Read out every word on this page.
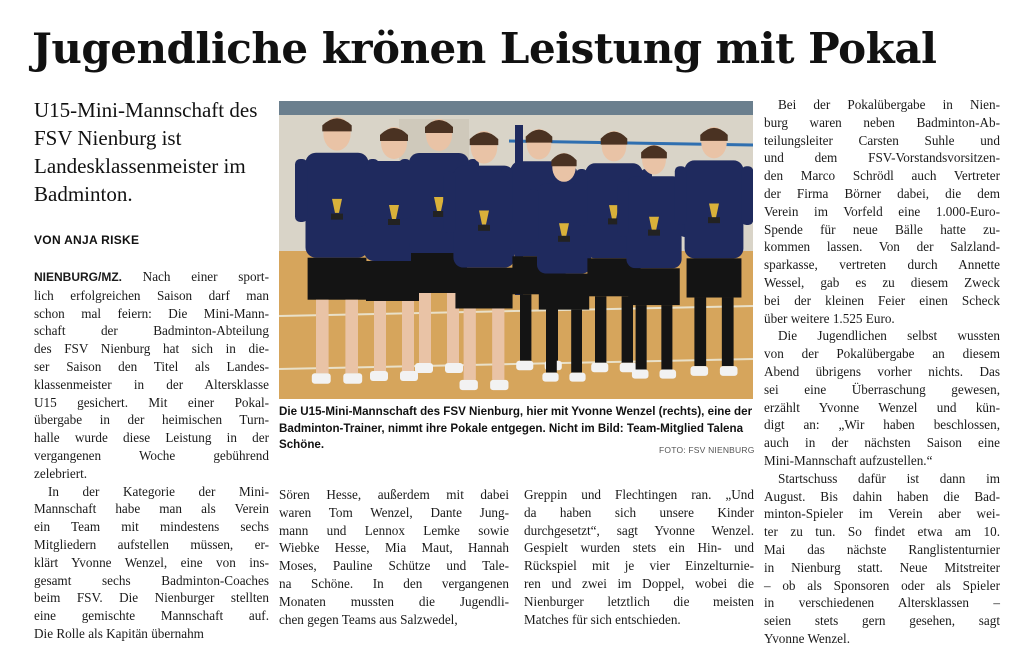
Jugendliche krönen Leistung mit Pokal

U15-Mini-Mannschaft des FSV Nienburg ist Landesklassenmeister im Badminton.

VON ANJA RISKE

NIENBURG/MZ. Nach einer sport-
lich erfolgreichen Saison darf man
schon mal feiern: Die Mini-Mann-
schaft der Badminton-Abteilung
des FSV Nienburg hat sich in die-
ser Saison den Titel als Landes-
klassenmeister in der Altersklasse
U15 gesichert. Mit einer Pokal-
übergabe in der heimischen Turn-
halle wurde diese Leistung in der
vergangenen Woche gebührend
zelebriert.

In der Kategorie der Mini-
Mannschaft habe man als Verein
ein Team mit mindestens sechs
Mitgliedern aufstellen müssen, er-
klärt Yvonne Wenzel, eine von ins-
gesamt sechs Badminton-Coaches
beim FSV. Die Nienburger stellten
eine gemischte Mannschaft auf.
Die Rolle als Kapitän übernahm

Die U15-Mini-Mannschaft des FSV Nienburg, hier mit Yvonne Wenzel (rechts), eine der Badminton-Trainer, nimmt ihre Pokale entgegen. Nicht im Bild: Team-Mitglied Talena Schöne.	FOTO: FSV NIENBURG

Sören Hesse, außerdem mit dabei
waren Tom Wenzel, Dante Jung-
mann und Lennox Lemke sowie
Wiebke Hesse, Mia Maut, Hannah
Moses, Pauline Schütze und Tale-
na Schöne. In den vergangenen
Monaten mussten die Jugendli-
chen gegen Teams aus Salzwedel,

Greppin und Flechtingen ran. „Und
da haben sich unsere Kinder
durchgesetzt“, sagt Yvonne Wenzel.
Gespielt wurden stets ein Hin- und
Rückspiel mit je vier Einzelturnie-
ren und zwei im Doppel, wobei die
Nienburger letztlich die meisten
Matches für sich entschieden.

Bei der Pokalübergabe in Nien-
burg waren neben Badminton-Ab-
teilungsleiter Carsten Suhle und
und dem FSV-Vorstandsvorsitzen-
den Marco Schrödl auch Vertreter
der Firma Börner dabei, die dem
Verein im Vorfeld eine 1.000-Euro-
Spende für neue Bälle hatte zu-
kommen lassen. Von der Salzland-
sparkasse, vertreten durch Annette
Wessel, gab es zu diesem Zweck
bei der kleinen Feier einen Scheck
über weitere 1.525 Euro.

Die Jugendlichen selbst wussten
von der Pokalübergabe an diesem
Abend übrigens vorher nichts. Das
sei eine Überraschung gewesen,
erzählt Yvonne Wenzel und kün-
digt an: „Wir haben beschlossen,
auch in der nächsten Saison eine
Mini-Mannschaft aufzustellen.“

Startschuss dafür ist dann im
August. Bis dahin haben die Bad-
minton-Spieler im Verein aber wei-
ter zu tun. So findet etwa am 10.
Mai das nächste Ranglistenturnier
in Nienburg statt. Neue Mitstreiter
– ob als Sponsoren oder als Spieler
in verschiedenen Altersklassen –
seien stets gern gesehen, sagt
Yvonne Wenzel.
